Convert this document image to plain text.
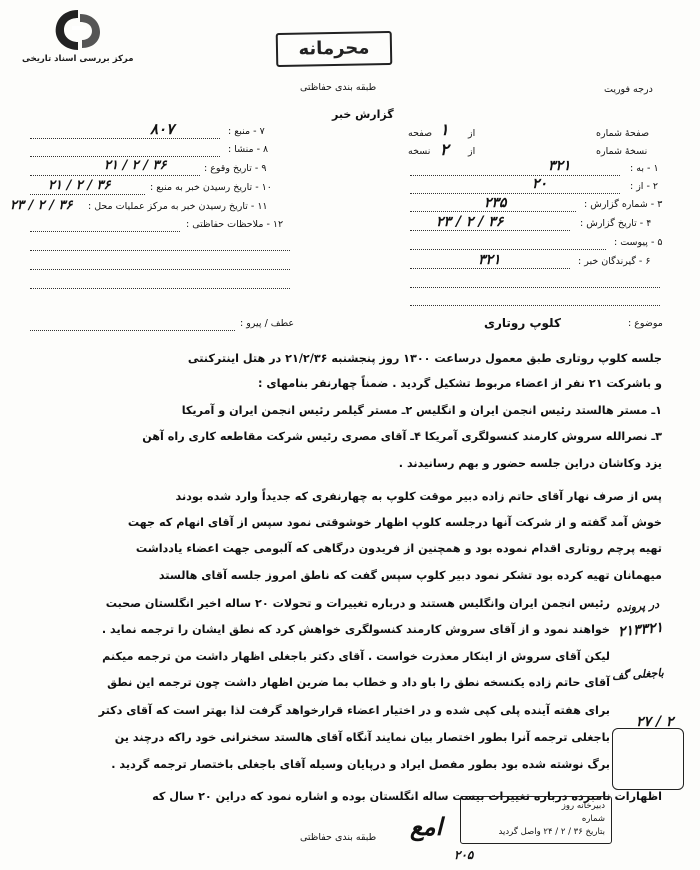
مرکز بررسی اسناد تاریخی	محرمانه
طبقه بندی حفاظتی	درجه فوریت
گزارش خبر
۷ - منبع :
۸۰۷
۸ - منشا :
۹ - تاریخ وقوع :
۲۱ / ۲ / ۳۶
۱۰ - تاریخ رسیدن خبر به منبع :
۲۱ / ۲ / ۳۶
۱۱ - تاریخ رسیدن خبر به مرکز عملیات محل :
۲۳ / ۲ / ۳۶
۱۲ - ملاحظات حفاظتی :
صفحهٔ شماره
از
صفحه ۱
نسخهٔ شماره
از
نسخه ۲
۱ - به :
۳۲۱
۲ - از :
۲۰
۳ - شماره گزارش :
۲۳۵
۴ - تاریخ گزارش :
۲۳ / ۲ / ۳۶
۵ - پیوست :
۶ - گیرندگان خبر :
۳۲۱
موضوع :
کلوپ روتاری
عطف / پیرو :
جلسه کلوپ روتاری طبق معمول درساعت ۱۳۰۰ روز پنجشنبه ۲۱/۲/۳۶ در هتل اینترکنتی
و باشرکت ۲۱ نفر از اعضاء مربوط تشکیل گردید . ضمناً چهارنفر بنامهای :
۱ـ مستر هالستد رئیس انجمن ایران و انگلیس ۲ـ مستر گیلمر رئیس انجمن ایران و آمریکا
۳ـ نصرالله سروش کارمند کنسولگری آمریکا ۴ـ آقای مصری رئیس شرکت مقاطعه کاری راه آهن
یزد وکاشان دراین جلسه حضور و بهم رسانیدند .
پس از صرف نهار آقای حاتم زاده دبیر موقت کلوپ به چهارنفری که جدیداً وارد شده بودند
خوش آمد گفته و از شرکت آنها درجلسه کلوپ اظهار خوشوقتی نمود سپس از آقای انهام که جهت
تهیه پرچم روتاری اقدام نموده بود و همچنین از فریدون درگاهی که آلبومی جهت اعضاء یادداشت
میهمانان تهیه کرده بود تشکر نمود دبیر کلوپ سپس گفت که ناطق امروز جلسه آقای هالستد
رئیس انجمن ایران وانگلیس هستند و درباره تغییرات و تحولات ۲۰ ساله اخیر انگلستان صحبت
خواهند نمود و از آقای سروش کارمند کنسولگری خواهش کرد که نطق ایشان را ترجمه نماید .
لیکن آقای سروش از اینکار معذرت خواست . آقای دکتر باجغلی اظهار داشت من ترجمه میکنم
آقای حاتم زاده یکنسخه نطق را باو داد و خطاب بما ضرین اظهار داشت چون ترجمه این نطق
برای هفته آینده پلی کپی شده و در اختیار اعضاء قرارخواهد گرفت لذا بهتر است که آقای دکتر
باجغلی ترجمه آنرا بطور اختصار بیان نمایند آنگاه آقای هالستد سخنرانی خود راکه درچند ین
برگ نوشته شده بود بطور مفصل ایراد و درپایان وسیله آقای باجغلی باختصار ترجمه گردید .
اظهارات نامبرده درباره تغییرات بیست ساله انگلستان بوده و اشاره نمود که دراین ۲۰ سال که
در پرونده
۲۱۳۳۲۱
باجغلی گف
۲۷ / ۲
دبیرخانه روز
شماره
بتاریخ ۳۶ / ۲ / ۲۴ واصل گردید
طبقه بندی حفاظتی امع
۲۰۵
